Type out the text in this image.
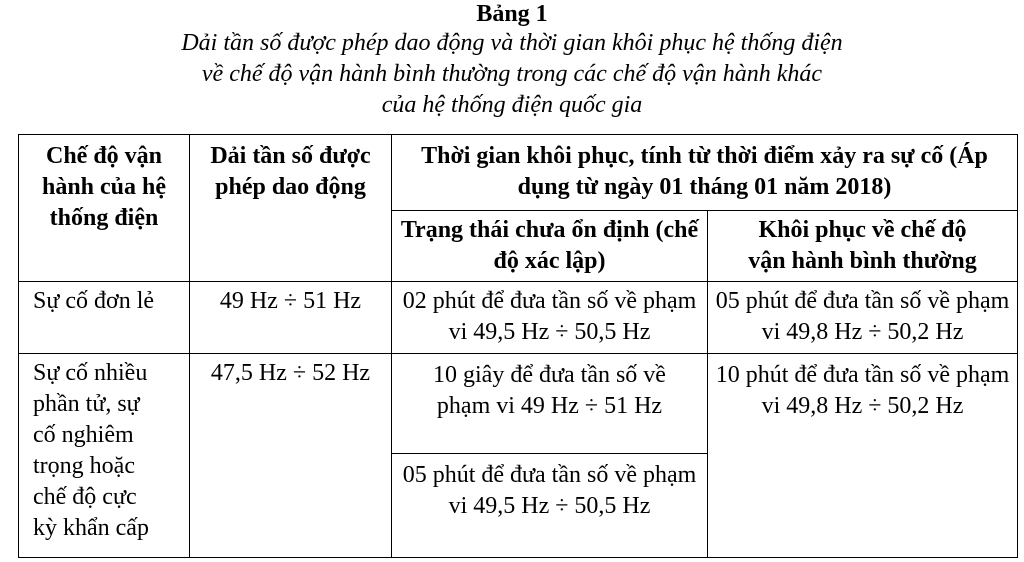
Bảng 1
Dải tần số được phép dao động và thời gian khôi phục hệ thống điện
về chế độ vận hành bình thường trong các chế độ vận hành khác
của hệ thống điện quốc gia
Chế độ vận hành của hệ thống điện	Dải tần số được phép dao động	Thời gian khôi phục, tính từ thời điểm xảy ra sự cố (Áp dụng từ ngày 01 tháng 01 năm 2018)	
		Trạng thái chưa ổn định (chế độ xác lập)	Khôi phục về chế độ vận hành bình thường
Sự cố đơn lẻ	49 Hz ÷ 51 Hz	02 phút để đưa tần số về phạm vi 49,5 Hz ÷ 50,5 Hz	05 phút để đưa tần số về phạm vi 49,8 Hz ÷ 50,2 Hz
Sự cố nhiều phần tử, sự cố nghiêm trọng hoặc chế độ cực kỳ khẩn cấp	47,5 Hz ÷ 52 Hz	10 giây để đưa tần số về phạm vi 49 Hz ÷ 51 Hz	10 phút để đưa tần số về phạm vi 49,8 Hz ÷ 50,2 Hz
		05 phút để đưa tần số về phạm vi 49,5 Hz ÷ 50,5 Hz	
